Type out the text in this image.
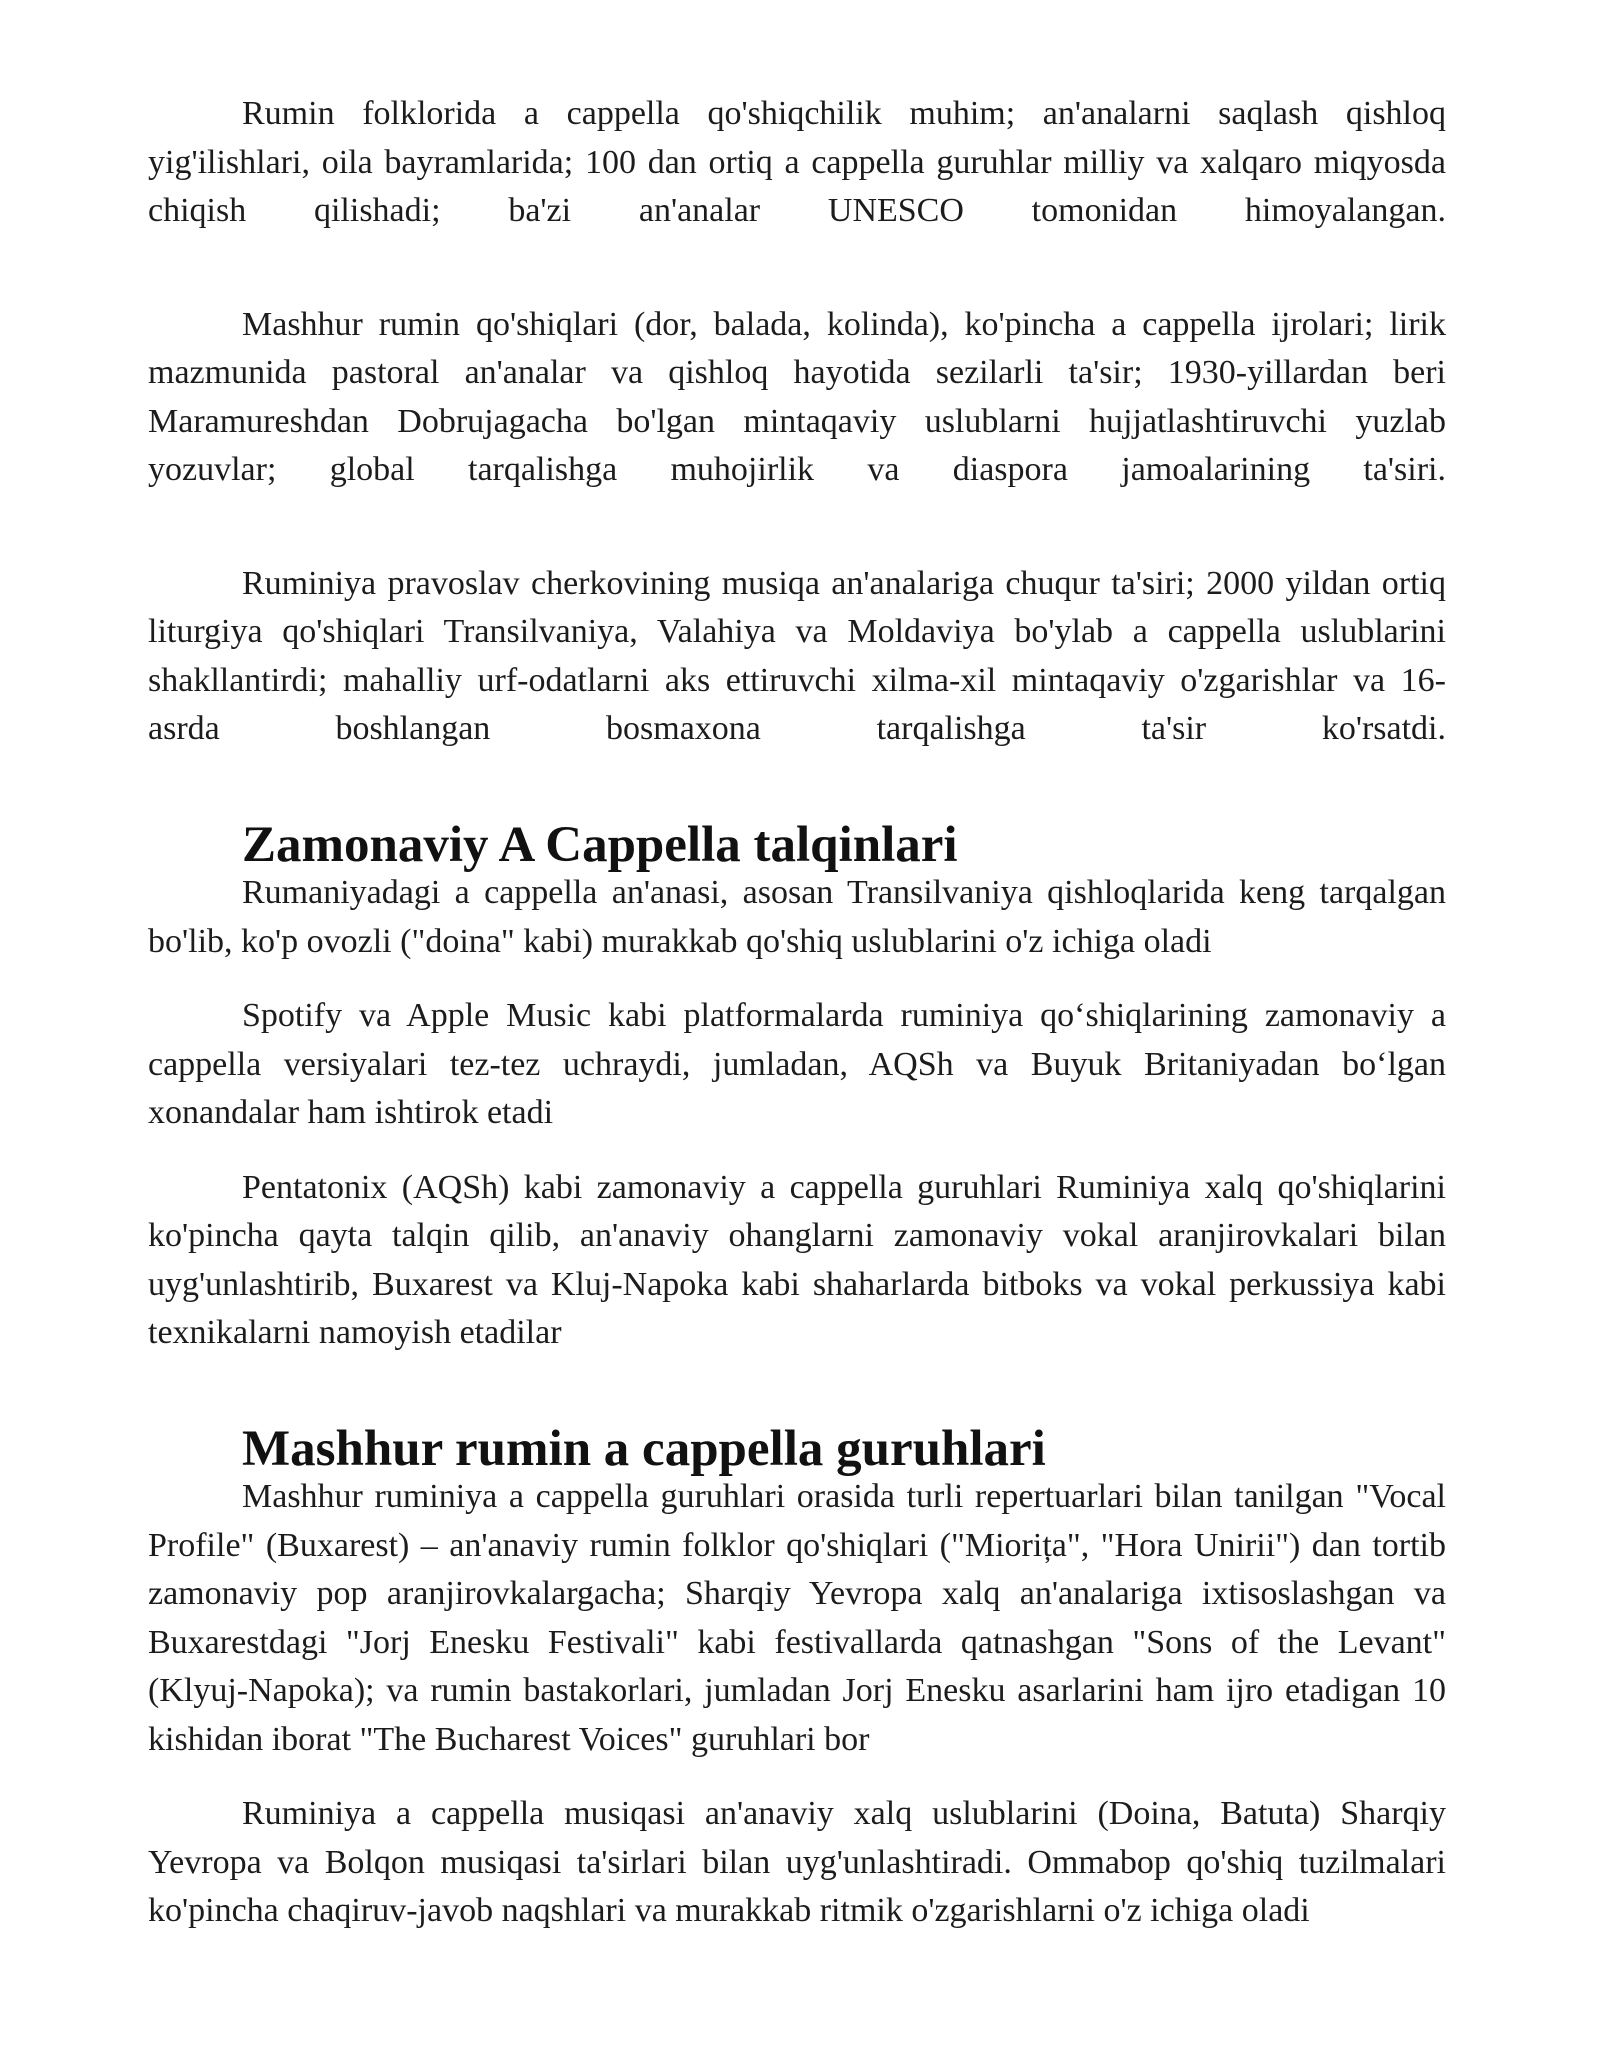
Rumin folklorida a cappella qo'shiqchilik muhim; an'analarni saqlash qishloq yig'ilishlari, oila bayramlarida; 100 dan ortiq a cappella guruhlar milliy va xalqaro miqyosda chiqish qilishadi; ba'zi an'analar UNESCO tomonidan himoyalangan.

Mashhur rumin qo'shiqlari (dor, balada, kolinda), ko'pincha a cappella ijrolari; lirik mazmunida pastoral an'analar va qishloq hayotida sezilarli ta'sir; 1930-yillardan beri Maramureshdan Dobrujagacha bo'lgan mintaqaviy uslublarni hujjatlashtiruvchi yuzlab yozuvlar; global tarqalishga muhojirlik va diaspora jamoalarining ta'siri.

Ruminiya pravoslav cherkovining musiqa an'analariga chuqur ta'siri; 2000 yildan ortiq liturgiya qo'shiqlari Transilvaniya, Valahiya va Moldaviya bo'ylab a cappella uslublarini shakllantirdi; mahalliy urf-odatlarni aks ettiruvchi xilma-xil mintaqaviy o'zgarishlar va 16-asrda boshlangan bosmaxona tarqalishga ta'sir ko'rsatdi.

Zamonaviy A Cappella talqinlari

Rumaniyadagi a cappella an'anasi, asosan Transilvaniya qishloqlarida keng tarqalgan bo'lib, ko'p ovozli ("doina" kabi) murakkab qo'shiq uslublarini o'z ichiga oladi

Spotify va Apple Music kabi platformalarda ruminiya qo‘shiqlarining zamonaviy a cappella versiyalari tez-tez uchraydi, jumladan, AQSh va Buyuk Britaniyadan bo‘lgan xonandalar ham ishtirok etadi

Pentatonix (AQSh) kabi zamonaviy a cappella guruhlari Ruminiya xalq qo'shiqlarini ko'pincha qayta talqin qilib, an'anaviy ohanglarni zamonaviy vokal aranjirovkalari bilan uyg'unlashtirib, Buxarest va Kluj-Napoka kabi shaharlarda bitboks va vokal perkussiya kabi texnikalarni namoyish etadilar

Mashhur rumin a cappella guruhlari

Mashhur ruminiya a cappella guruhlari orasida turli repertuarlari bilan tanilgan "Vocal Profile" (Buxarest) – an'anaviy rumin folklor qo'shiqlari ("Miorița", "Hora Unirii") dan tortib zamonaviy pop aranjirovkalargacha; Sharqiy Yevropa xalq an'analariga ixtisoslashgan va Buxarestdagi "Jorj Enesku Festivali" kabi festivallarda qatnashgan "Sons of the Levant" (Klyuj-Napoka); va rumin bastakorlari, jumladan Jorj Enesku asarlarini ham ijro etadigan 10 kishidan iborat "The Bucharest Voices" guruhlari bor

Ruminiya a cappella musiqasi an'anaviy xalq uslublarini (Doina, Batuta) Sharqiy Yevropa va Bolqon musiqasi ta'sirlari bilan uyg'unlashtiradi. Ommabop qo'shiq tuzilmalari ko'pincha chaqiruv-javob naqshlari va murakkab ritmik o'zgarishlarni o'z ichiga oladi
